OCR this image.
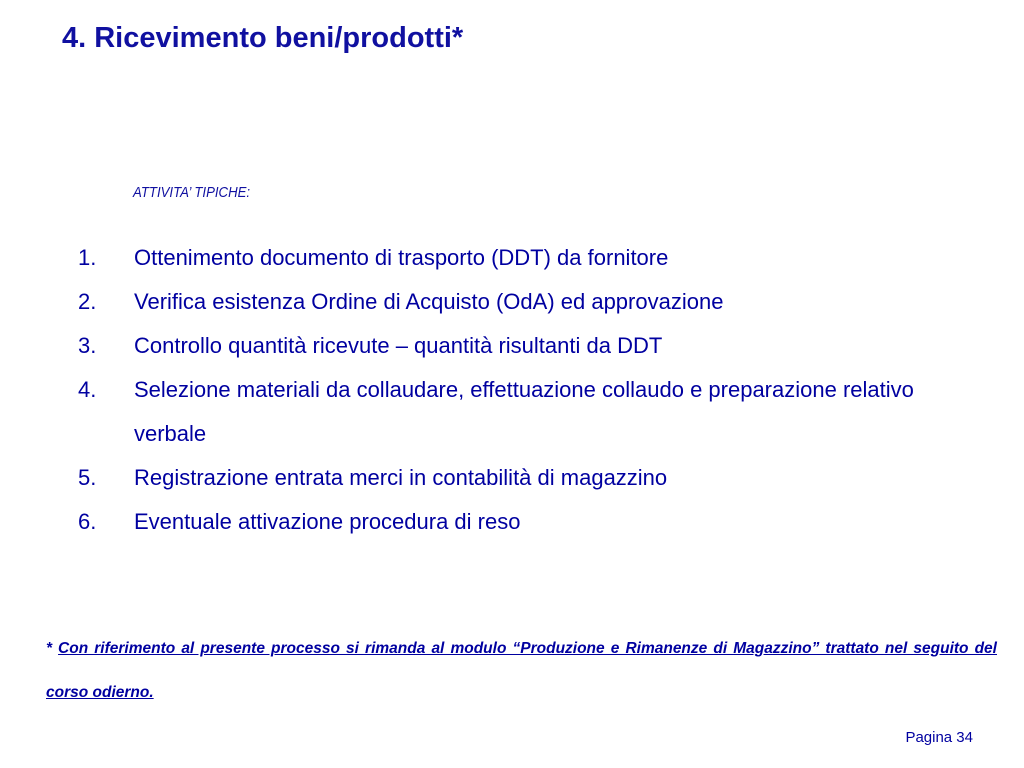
4. Ricevimento beni/prodotti*
ATTIVITA’ TIPICHE:
1.	Ottenimento documento di trasporto (DDT) da fornitore
2.	Verifica esistenza Ordine di Acquisto (OdA) ed approvazione
3.	Controllo quantità ricevute – quantità risultanti da DDT
4.	Selezione materiali da collaudare, effettuazione collaudo e preparazione relativo verbale
5.	Registrazione entrata merci in contabilità di magazzino
6.	Eventuale attivazione procedura di reso
* Con riferimento al presente processo si rimanda al modulo “Produzione e Rimanenze di Magazzino” trattato nel seguito del corso odierno.
Pagina 34
